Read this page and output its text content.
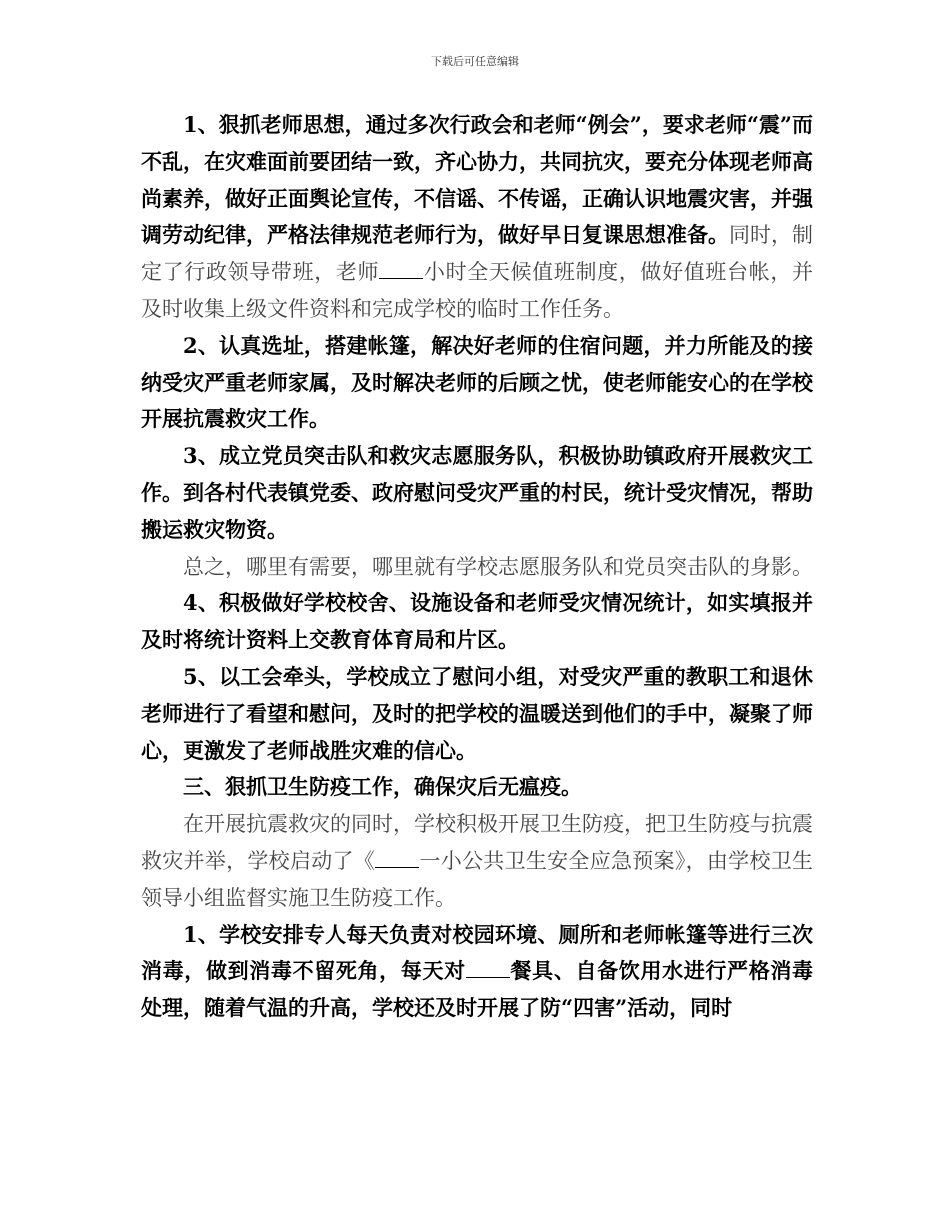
下载后可任意编辑

1、狠抓老师思想，通过多次行政会和老师“例会”，要求老师“震”而不乱，在灾难面前要团结一致，齐心协力，共同抗灾，要充分体现老师高尚素养，做好正面舆论宣传，不信谣、不传谣，正确认识地震灾害，并强调劳动纪律，严格法律规范老师行为，做好早日复课思想准备。同时，制定了行政领导带班，老师 小时全天候值班制度，做好值班台帐，并及时收集上级文件资料和完成学校的临时工作任务。

2、认真选址，搭建帐篷，解决好老师的住宿问题，并力所能及的接纳受灾严重老师家属，及时解决老师的后顾之忧，使老师能安心的在学校开展抗震救灾工作。

3、成立党员突击队和救灾志愿服务队，积极协助镇政府开展救灾工作。到各村代表镇党委、政府慰问受灾严重的村民，统计受灾情况，帮助搬运救灾物资。

总之，哪里有需要，哪里就有学校志愿服务队和党员突击队的身影。

4、积极做好学校校舍、设施设备和老师受灾情况统计，如实填报并及时将统计资料上交教育体育局和片区。

5、以工会牵头，学校成立了慰问小组，对受灾严重的教职工和退休老师进行了看望和慰问，及时的把学校的温暖送到他们的手中，凝聚了师心，更激发了老师战胜灾难的信心。

三、狠抓卫生防疫工作，确保灾后无瘟疫。

在开展抗震救灾的同时，学校积极开展卫生防疫，把卫生防疫与抗震救灾并举，学校启动了《 一小公共卫生安全应急预案》，由学校卫生领导小组监督实施卫生防疫工作。

1、学校安排专人每天负责对校园环境、厕所和老师帐篷等进行三次消毒，做到消毒不留死角，每天对 餐具、自备饮用水进行严格消毒处理，随着气温的升高，学校还及时开展了防“四害”活动，同时
